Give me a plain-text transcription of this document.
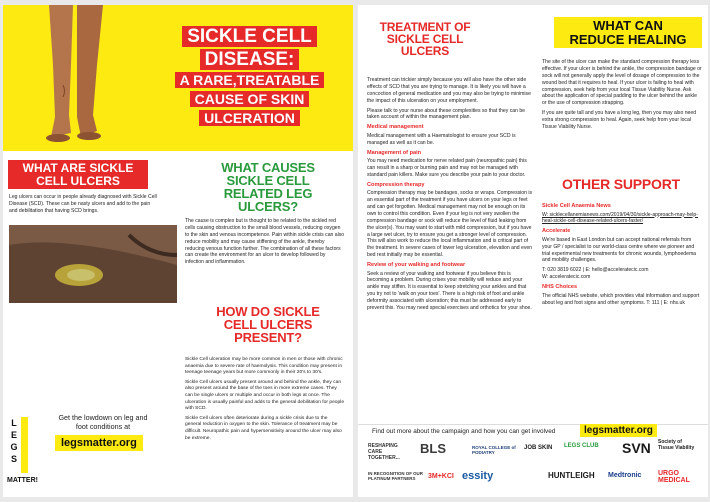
SICKLE CELL
DISEASE:
A RARE,TREATABLE
CAUSE OF SKIN
ULCERATION
WHAT ARE SICKLE
CELL ULCERS
Leg ulcers can occur in people already diagnosed with Sickle Cell Disease (SCD). These can be nasty ulcers and add to the pain and debilitation that having SCD brings.
WHAT CAUSES
SICKLE CELL
RELATED LEG
ULCERS?
The cause is complex but is thought to be related to the sickled red cells causing obstruction to the small blood vessels, reducing oxygen to the skin and venous incompetence. Pain within sickle crisis can also reduce mobility and may cause stiffening of the ankle, thereby reducing venous function further. The combination of all these factors can create the environment for an ulcer to develop followed by infection and inflammation.
HOW DO SICKLE
CELL ULCERS
PRESENT?

Sickle Cell ulceration may be more common in men or those with chronic anaemia due to severe rate of haemolysis. This condition may present in teenage teenage years but more commonly in their 20's to 30's.

Sickle Cell ulcers usually present around and behind the ankle, they can also present around the base of the toes in more extreme cases. They can be single ulcers or multiple and occur in both legs at once. The ulceration is usually painful and adds to the general debilitation for people with SCD.

Sickle Cell ulcers often deteriorate during a sickle crisis due to the general reduction in oxygen to the skin. Tolerance of treatment may be difficult. Neuropathic pain and hypersensitivity around the ulcer may also be extreme.

Get the lowdown on leg and
foot conditions at
legsmatter.org
L
E
G
S
MATTER!
TREATMENT OF
SICKLE CELL
ULCERS

Treatment can trickier simply because you will also have the other side effects of SCD that you are trying to manage. It is likely you will have a concoction of general medication and you may also be trying to minimise the impact of this ulceration on your employment.

Please talk to your nurse about these complexities so that they can be taken account of within the management plan.

Medical management

Medical management with a Haematologist to ensure your SCD is managed as well as it can be.

Management of pain

You may need medication for nerve related pain (neuropathic pain) this can result in a sharp or burning pain and may not be managed with standard pain killers. Make sure you describe your pain to your doctor.

Compression therapy

Compression therapy may be bandages, socks or wraps. Compression is an essential part of the treatment if you have ulcers on your legs or feet and can get forgotten. Medical management may not be enough on its own to control this condition. Even if your leg is not very swollen the compression bandage or sock will reduce the level of fluid leaking from the ulcer(s). You may want to start with mild compression, but if you have a large wet ulcer, try to ensure you get a stronger level of compression. This will also work to reduce the local inflammation and is critical part of the treatment. In severe cases of lower leg ulceration, elevation and even bed rest initially may be essential.

Review of your walking and footwear

Seek a review of your walking and footwear if you believe this is becoming a problem. During crises your mobility will reduce and your ankle may stiffen. It is essential to keep stretching your ankles and that you try not to 'walk on your toes'. There is a high risk of foot and ankle deformity associated with ulceration; this must be addressed early to prevent this. You may need special exercises and orthotics for your shoe.

WHAT CAN
REDUCE HEALING

The site of the ulcer can make the standard compression therapy less effective. If your ulcer is behind the ankle, the compression bandage or sock will not generally apply the level of dosage of compression to the wound bed that it requires to heal. If your ulcer is failing to heal with compression, seek help from your local Tissue Viability Nurse. Ask about the application of special padding to the ulcer behind the ankle or the use of compression strapping.

If you are quite tall and you have a long leg, then you may also need extra strong compression to heal. Again, seek help from your local Tissue Viability Nurse.

OTHER SUPPORT
Sickle Cell Anaemia News

W: sicklecellanemianews.com/2019/04/30/sickle-approach-may-help-heal-sickle-cell-disease-related-ulcers-faster/

Accelerate

We're based in East London but can accept national referrals from your GP / specialist to our world-class centre where we pioneer and trial experimental new treatments for chronic wounds, lymphoedema and mobility challenges.

T: 020 3819 6022 | E: hello@acceleratecic.com

W: acceleratecic.com

NHS Choices

The official NHS website, which provides vital information and support about leg and foot signs and other symptoms. T: 111 | E: nhs.uk

Find out more about the campaign and how you can get involved	legsmatter.org
RESHAPING CARE TOGETHER...
BLS	ROYAL COLLEGE of PODIATRY
JOB SKIN LEGS CLUB SVN Society of Tissue Viability
IN RECOGNITION OF OUR PLATINUM PARTNERS	3M+KCI essity	HUNTLEIGH Medtronic URGO MEDICAL
